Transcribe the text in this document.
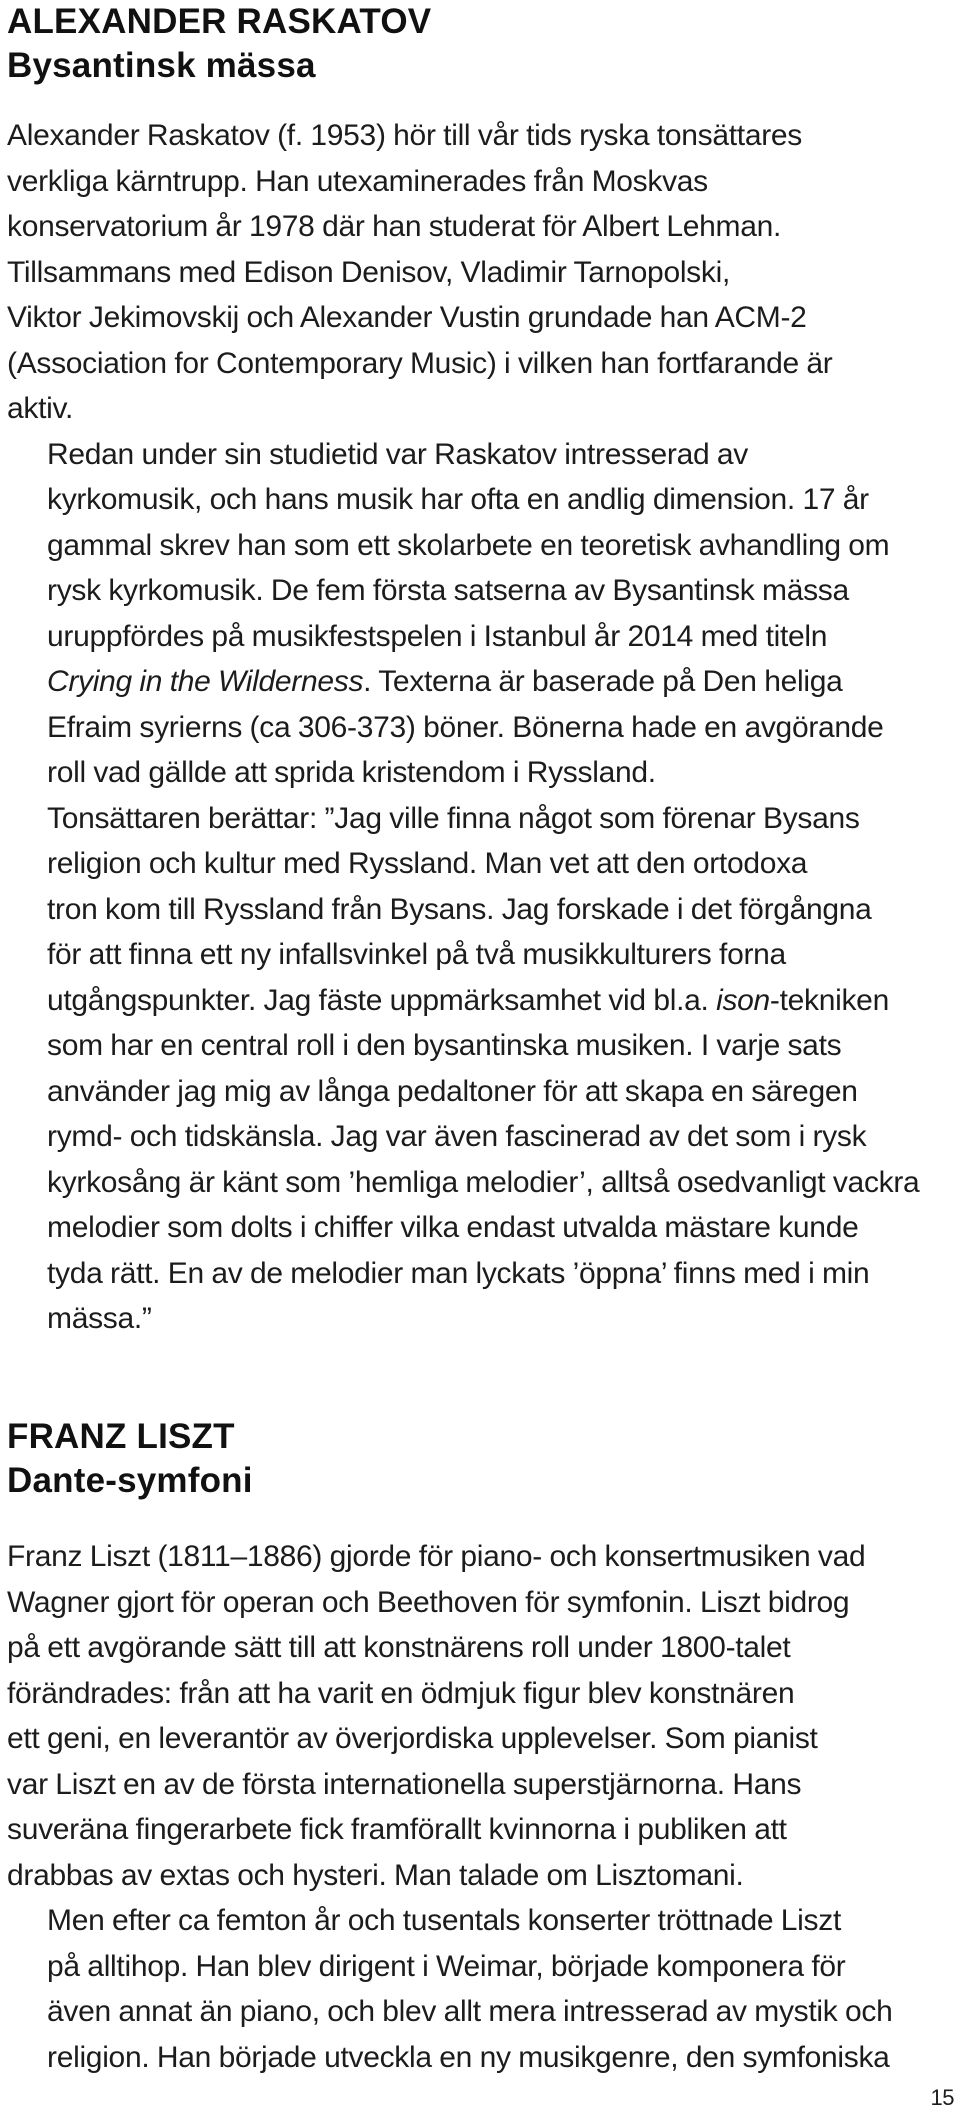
ALEXANDER RASKATOV
Bysantinsk mässa

Alexander Raskatov (f. 1953) hör till vår tids ryska tonsättares
verkliga kärntrupp. Han utexaminerades från Moskvas
konservatorium år 1978 där han studerat för Albert Lehman.
Tillsammans med Edison Denisov, Vladimir Tarnopolski,
Viktor Jekimovskij och Alexander Vustin grundade han ACM-2
(Association for Contemporary Music) i vilken han fortfarande är
aktiv.

Redan under sin studietid var Raskatov intresserad av
kyrkomusik, och hans musik har ofta en andlig dimension. 17 år
gammal skrev han som ett skolarbete en teoretisk avhandling om
rysk kyrkomusik. De fem första satserna av Bysantinsk mässa
uruppfördes på musikfestspelen i Istanbul år 2014 med titeln
Crying in the Wilderness. Texterna är baserade på Den heliga
Efraim syrierns (ca 306-373) böner. Bönerna hade en avgörande
roll vad gällde att sprida kristendom i Ryssland.

Tonsättaren berättar: ”Jag ville finna något som förenar Bysans
religion och kultur med Ryssland. Man vet att den ortodoxa
tron kom till Ryssland från Bysans. Jag forskade i det förgångna
för att finna ett ny infallsvinkel på två musikkulturers forna
utgångspunkter. Jag fäste uppmärksamhet vid bl.a. ison-tekniken
som har en central roll i den bysantinska musiken. I varje sats
använder jag mig av långa pedaltoner för att skapa en säregen
rymd- och tidskänsla. Jag var även fascinerad av det som i rysk
kyrkosång är känt som ’hemliga melodier’, alltså osedvanligt vackra
melodier som dolts i chiffer vilka endast utvalda mästare kunde
tyda rätt. En av de melodier man lyckats ’öppna’ finns med i min
mässa.”

FRANZ LISZT
Dante-symfoni

Franz Liszt (1811–1886) gjorde för piano- och konsertmusiken vad
Wagner gjort för operan och Beethoven för symfonin. Liszt bidrog
på ett avgörande sätt till att konstnärens roll under 1800-talet
förändrades: från att ha varit en ödmjuk figur blev konstnären
ett geni, en leverantör av överjordiska upplevelser. Som pianist
var Liszt en av de första internationella superstjärnorna. Hans
suveräna fingerarbete fick framförallt kvinnorna i publiken att
drabbas av extas och hysteri. Man talade om Lisztomani.

Men efter ca femton år och tusentals konserter tröttnade Liszt
på alltihop. Han blev dirigent i Weimar, började komponera för
även annat än piano, och blev allt mera intresserad av mystik och
religion. Han började utveckla en ny musikgenre, den symfoniska

15
